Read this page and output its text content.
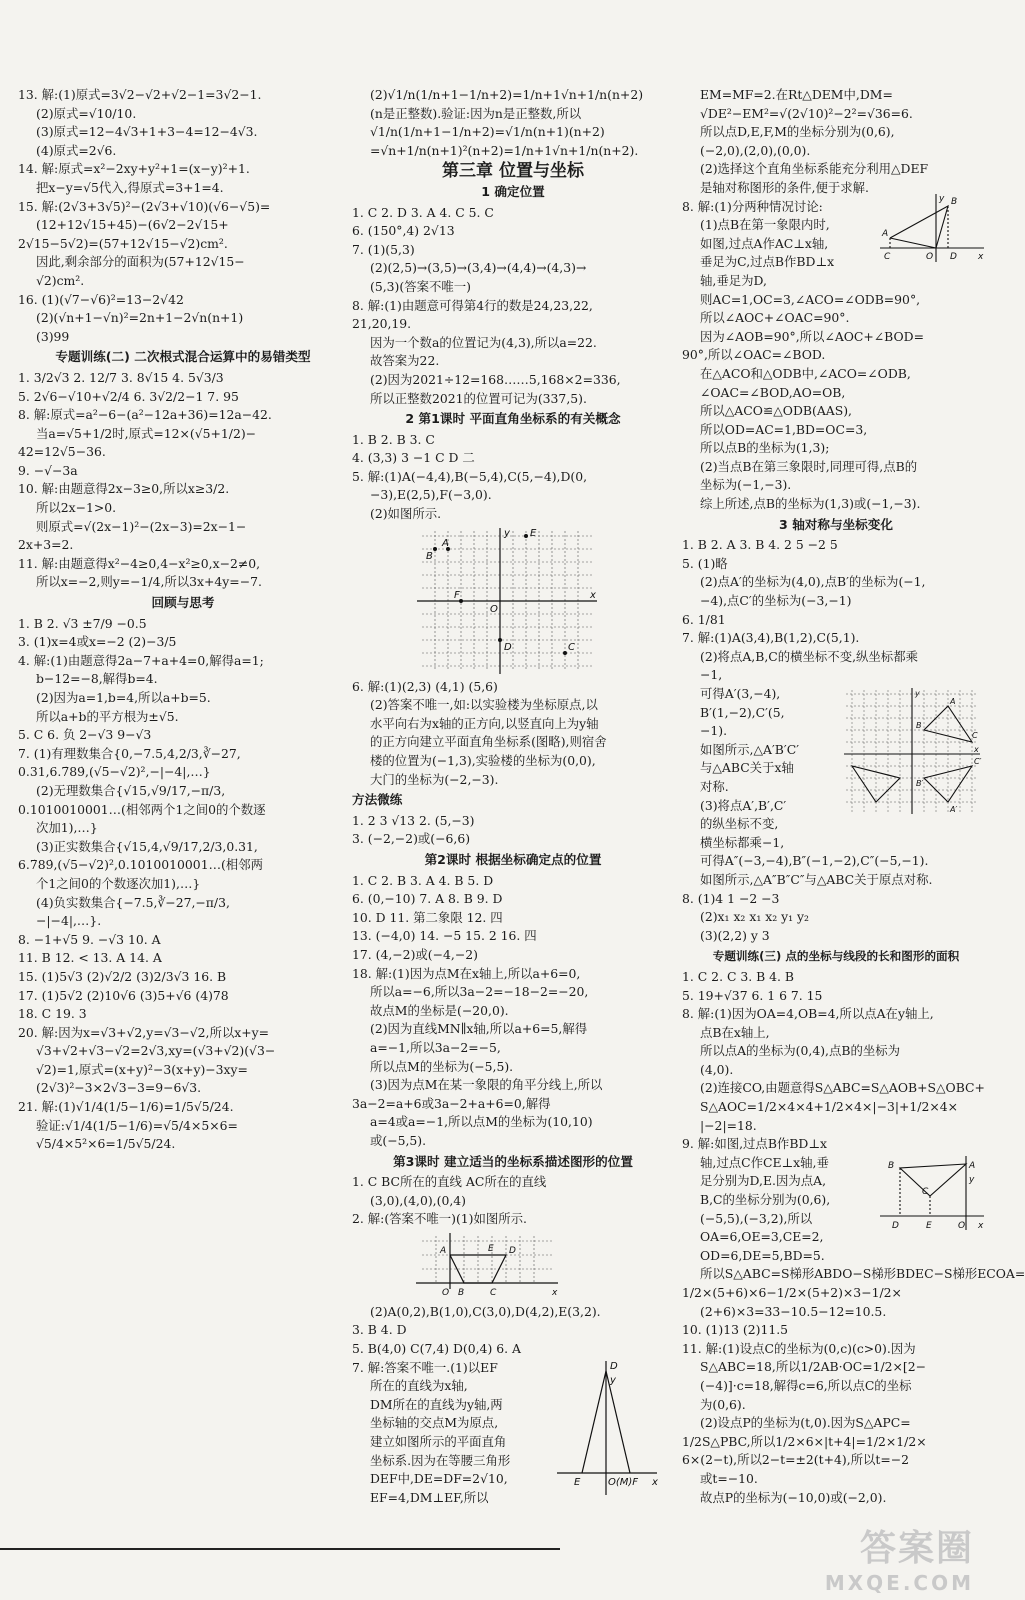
13. 解:(1)原式=3√2−√2+√2−1=3√2−1.
(2)原式=√10/10.
(3)原式=12−4√3+1+3−4=12−4√3.
(4)原式=2√6.
14. 解:原式=x²−2xy+y²+1=(x−y)²+1.
把x−y=√5代入,得原式=3+1=4.
15. 解:(2√3+3√5)²−(2√3+√10)(√6−√5)=
(12+12√15+45)−(6√2−2√15+
2√15−5√2)=(57+12√15−√2)cm².
因此,剩余部分的面积为(57+12√15−
√2)cm².
16. (1)(√7−√6)²=13−2√42
(2)(√n+1−√n)²=2n+1−2√n(n+1)
(3)99
专题训练(二) 二次根式混合运算中的易错类型
1. 3/2√3 2. 12/7 3. 8√15 4. 5√3/3
5. 2√6−√10+√2/4 6. 3√2/2−1 7. 95
8. 解:原式=a²−6−(a²−12a+36)=12a−42.
当a=√5+1/2时,原式=12×(√5+1/2)−
42=12√5−36.
9. −√−3a
10. 解:由题意得2x−3≥0,所以x≥3/2.
所以2x−1>0.
则原式=√(2x−1)²−(2x−3)=2x−1−
2x+3=2.
11. 解:由题意得x²−4≥0,4−x²≥0,x−2≠0,
所以x=−2,则y=−1/4,所以3x+4y=−7.
回顾与思考
1. B 2. √3 ±7/9 −0.5
3. (1)x=4或x=−2 (2)−3/5
4. 解:(1)由题意得2a−7+a+4=0,解得a=1;
b−12=−8,解得b=4.
(2)因为a=1,b=4,所以a+b=5.
所以a+b的平方根为±√5.
5. C 6. 负 2−√3 9−√3
7. (1)有理数集合{0,−7.5,4,2/3,∛−27,
0.31,6.7̇89̇,(√5−√2)²,−|−4|,…}
(2)无理数集合{√15,√9/17,−π/3,
0.1010010001…(相邻两个1之间0的个数逐
次加1),…}
(3)正实数集合{√15,4,√9/17,2/3,0.31,
6.7̇89̇,(√5−√2)²,0.1010010001…(相邻两
个1之间0的个数逐次加1),…}
(4)负实数集合{−7.5,∛−27,−π/3,
−|−4|,…}.
8. −1+√5 9. −√3 10. A
11. B 12. < 13. A 14. A
15. (1)5√3 (2)√2/2 (3)2/3√3 16. B
17. (1)5√2 (2)10√6 (3)5+√6 (4)78
18. C 19. 3
20. 解:因为x=√3+√2,y=√3−√2,所以x+y=
√3+√2+√3−√2=2√3,xy=(√3+√2)(√3−
√2)=1,原式=(x+y)²−3(x+y)−3xy=
(2√3)²−3×2√3−3=9−6√3.
21. 解:(1)√1/4(1/5−1/6)=1/5√5/24.
验证:√1/4(1/5−1/6)=√5/4×5×6=
√5/4×5²×6=1/5√5/24.
(2)√1/n(1/n+1−1/n+2)=1/n+1√n+1/n(n+2)
(n是正整数).验证:因为n是正整数,所以
√1/n(1/n+1−1/n+2)=√1/n(n+1)(n+2)
=√n+1/n(n+1)²(n+2)=1/n+1√n+1/n(n+2).
第三章 位置与坐标
1 确定位置
1. C 2. D 3. A 4. C 5. C
6. (150°,4) 2√13
7. (1)(5,3)
(2)(2,5)→(3,5)→(3,4)→(4,4)→(4,3)→
(5,3)(答案不唯一)
8. 解:(1)由题意可得第4行的数是24,23,22,
21,20,19.
因为一个数a的位置记为(4,3),所以a=22.
故答案为22.
(2)因为2021÷12=168……5,168×2=336,
所以正整数2021的位置可记为(337,5).
2 第1课时 平面直角坐标系的有关概念
1. B 2. B 3. C
4. (3,3) 3 −1 C D 二
5. 解:(1)A(−4,4),B(−5,4),C(5,−4),D(0,
−3),E(2,5),F(−3,0).
(2)如图所示.
A
B
C
D
E
F	x
y
O
6. 解:(1)(2,3) (4,1) (5,6)
(2)答案不唯一,如:以实验楼为坐标原点,以
水平向右为x轴的正方向,以竖直向上为y轴
的正方向建立平面直角坐标系(图略),则宿舍
楼的位置为(−1,3),实验楼的坐标为(0,0),
大门的坐标为(−2,−3).
方法微练
1. 2 3 √13 2. (5,−3)
3. (−2,−2)或(−6,6)
第2课时 根据坐标确定点的位置
1. C 2. B 3. A 4. B 5. D
6. (0,−10) 7. A 8. B 9. D
10. D 11. 第二象限 12. 四
13. (−4,0) 14. −5 15. 2 16. 四
17. (4,−2)或(−4,−2)
18. 解:(1)因为点M在x轴上,所以a+6=0,
所以a=−6,所以3a−2=−18−2=−20,
故点M的坐标是(−20,0).
(2)因为直线MN∥x轴,所以a+6=5,解得
a=−1,所以3a−2=−5,
所以点M的坐标为(−5,5).
(3)因为点M在某一象限的角平分线上,所以
3a−2=a+6或3a−2+a+6=0,解得
a=4或a=−1,所以点M的坐标为(10,10)
或(−5,5).
第3课时 建立适当的坐标系描述图形的位置
1. C BC所在的直线 AC所在的直线
(3,0),(4,0),(0,4)
2. 解:(答案不唯一)(1)如图所示.
A
B	C
D
E
O	x
(2)A(0,2),B(1,0),C(3,0),D(4,2),E(3,2).
3. B 4. D
5. B(4,0) C(7,4) D(0,4) 6. A
7. 解:答案不唯一.(1)以EF
所在的直线为x轴,
DM所在的直线为y轴,两
坐标轴的交点M为原点,
建立如图所示的平面直角
坐标系.因为在等腰三角形
DEF中,DE=DF=2√10,
EF=4,DM⊥EF,所以
D
y
E	O(M)F x
EM=MF=2.在Rt△DEM中,DM=
√DE²−EM²=√(2√10)²−2²=√36=6.
所以点D,E,F,M的坐标分别为(0,6),
(−2,0),(2,0),(0,0).
(2)选择这个直角坐标系能充分利用△DEF
是轴对称图形的条件,便于求解.
8. 解:(1)分两种情况讨论:
(1)点B在第一象限内时,
如图,过点A作AC⊥x轴,
垂足为C,过点B作BD⊥x
轴,垂足为D,
则AC=1,OC=3,∠ACO=∠ODB=90°,
所以∠AOC+∠OAC=90°.
因为∠AOB=90°,所以∠AOC+∠BOD=
90°,所以∠OAC=∠BOD.
在△ACO和△ODB中,∠ACO=∠ODB,
∠OAC=∠BOD,AO=OB,
所以△ACO≌△ODB(AAS),
所以OD=AC=1,BD=OC=3,
所以点B的坐标为(1,3);
(2)当点B在第三象限时,同理可得,点B的
坐标为(−1,−3).
综上所述,点B的坐标为(1,3)或(−1,−3).
A
B
C	D
O	x
y
3 轴对称与坐标变化
1. B 2. A 3. B 4. 2 5 −2 5
5. (1)略
(2)点A′的坐标为(4,0),点B′的坐标为(−1,
−4),点C′的坐标为(−3,−1)
6. 1/81
7. 解:(1)A(3,4),B(1,2),C(5,1).
(2)将点A,B,C的横坐标不变,纵坐标都乘
−1,
可得A′(3,−4),
B′(1,−2),C′(5,
−1).
如图所示,△A′B′C′
与△ABC关于x轴
对称.
(3)将点A′,B′,C′
的纵坐标不变,
横坐标都乘−1,
可得A″(−3,−4),B″(−1,−2),C″(−5,−1).
如图所示,△A″B″C″与△ABC关于原点对称.
8. (1)4 1 −2 −3
(2)x₁ x₂ x₁ x₂ y₁ y₂
(3)(2,2) y 3
A
B
C
A′
C′
B′
x
y
专题训练(三) 点的坐标与线段的长和图形的面积
1. C 2. C 3. B 4. B
5. 19+√37 6. 1 6 7. 15
8. 解:(1)因为OA=4,OB=4,所以点A在y轴上,
点B在x轴上,
所以点A的坐标为(0,4),点B的坐标为
(4,0).
(2)连接CO,由题意得S△ABC=S△AOB+S△OBC+
S△AOC=1/2×4×4+1/2×4×|−3|+1/2×4×
|−2|=18.
9. 解:如图,过点B作BD⊥x
轴,过点C作CE⊥x轴,垂
足分别为D,E.因为点A,
B,C的坐标分别为(0,6),
(−5,5),(−3,2),所以
OA=6,OE=3,CE=2,
OD=6,DE=5,BD=5.
所以S△ABC=S梯形ABDO−S梯形BDEC−S梯形ECOA=
1/2×(5+6)×6−1/2×(5+2)×3−1/2×
(2+6)×3=33−10.5−12=10.5.
10. (1)13 (2)11.5
11. 解:(1)设点C的坐标为(0,c)(c>0).因为
S△ABC=18,所以1/2AB·OC=1/2×[2−
(−4)]·c=18,解得c=6,所以点C的坐标
为(0,6).
(2)设点P的坐标为(t,0).因为S△APC=
1/2S△PBC,所以1/2×6×|t+4|=1/2×1/2×
6×(2−t),所以2−t=±2(t+4),所以t=−2
或t=−10.
故点P的坐标为(−10,0)或(−2,0).
A
B
C
D	E	O x
y
答案圈
MXQE.COM
